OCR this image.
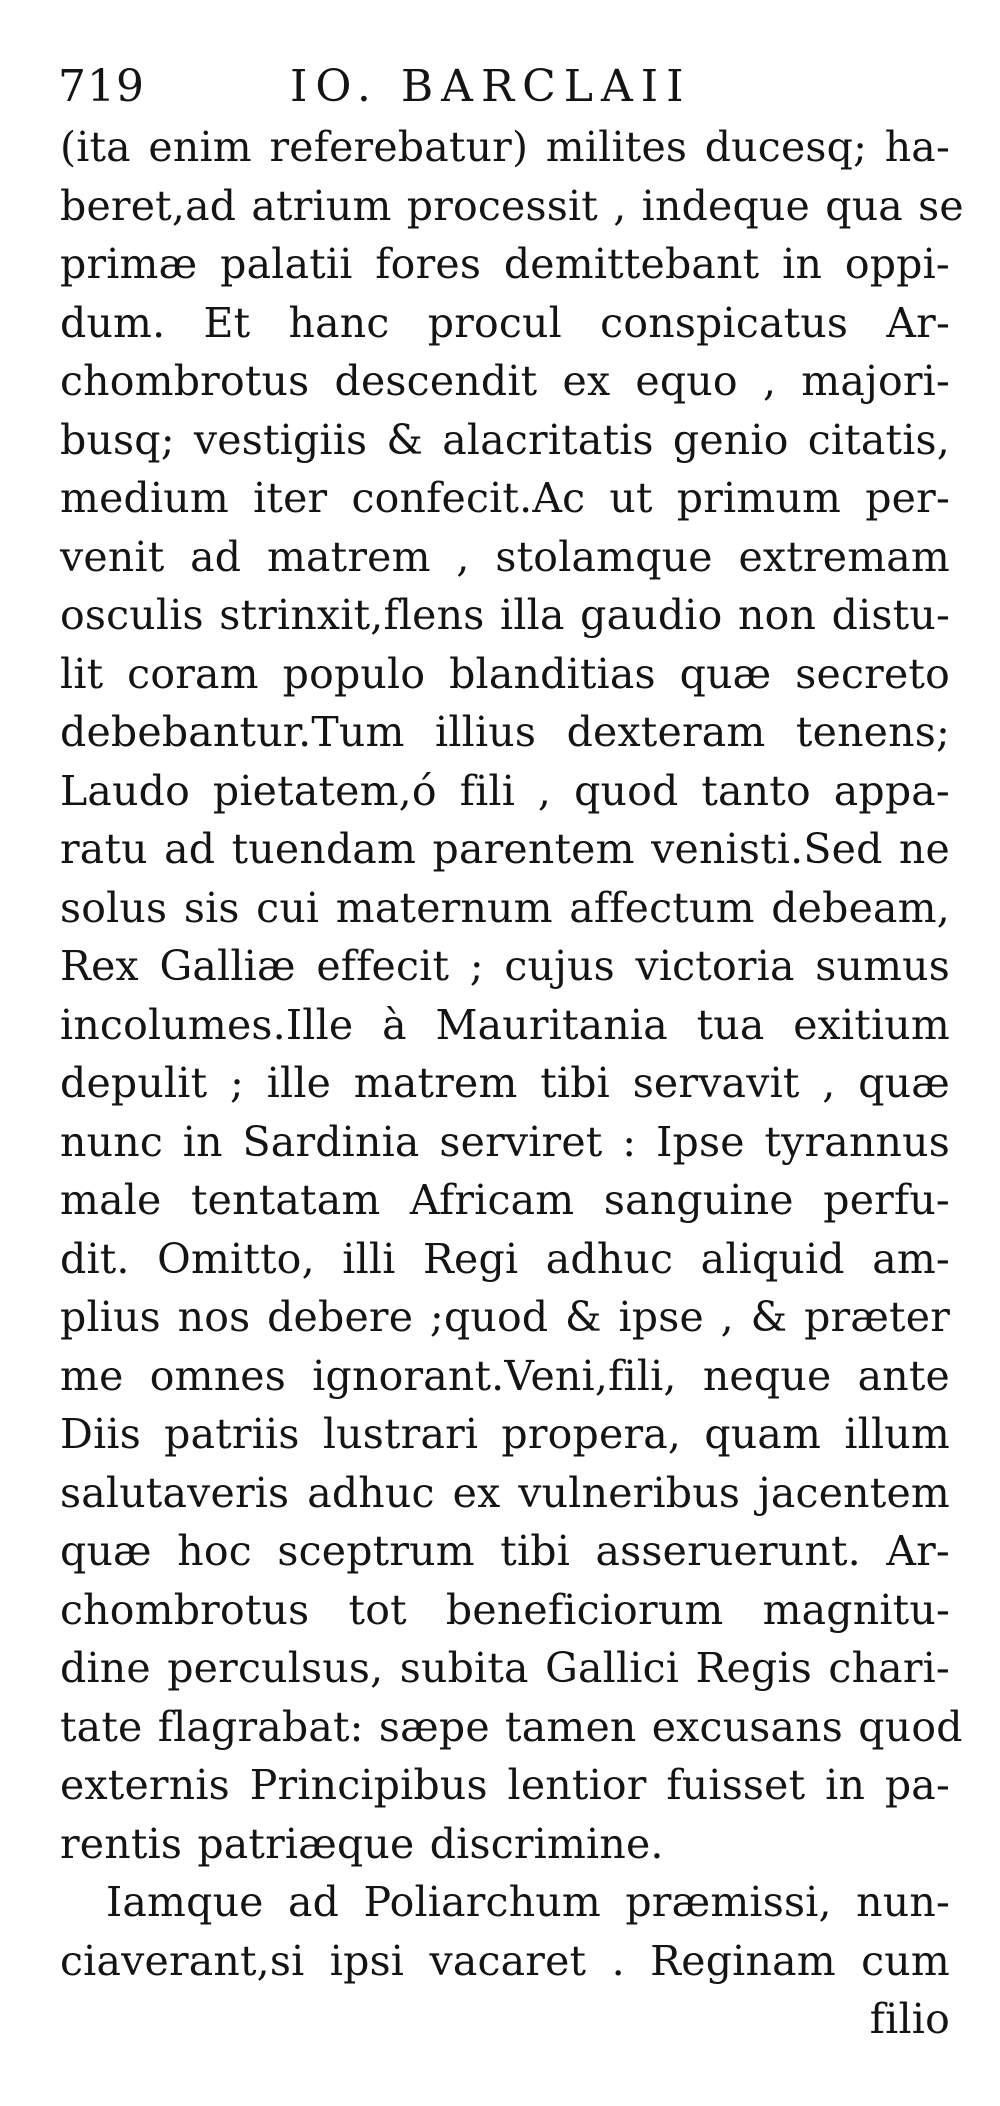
719	IO. BARCLAII
(ita enim referebatur) milites ducesq; ha-
beret,ad atrium processit , indeque qua se
primæ palatii fores demittebant in oppi-
dum. Et hanc procul conspicatus Ar-
chombrotus descendit ex equo , majori-
busq; vestigiis & alacritatis genio citatis,
medium iter confecit.Ac ut primum per-
venit ad matrem , stolamque extremam
osculis strinxit,flens illa gaudio non distu-
lit coram populo blanditias quæ secreto
debebantur.Tum illius dexteram tenens;
Laudo pietatem,ó fili , quod tanto appa-
ratu ad tuendam parentem venisti.Sed ne
solus sis cui maternum affectum debeam,
Rex Galliæ effecit ; cujus victoria sumus
incolumes.Ille à Mauritania tua exitium
depulit ; ille matrem tibi servavit , quæ
nunc in Sardinia serviret : Ipse tyrannus
male tentatam Africam sanguine perfu-
dit. Omitto, illi Regi adhuc aliquid am-
plius nos debere ;quod & ipse , & præter
me omnes ignorant.Veni,fili, neque ante
Diis patriis lustrari propera, quam illum
salutaveris adhuc ex vulneribus jacentem
quæ hoc sceptrum tibi asseruerunt. Ar-
chombrotus tot beneficiorum magnitu-
dine perculsus, subita Gallici Regis chari-
tate flagrabat: sæpe tamen excusans quod
externis Principibus lentior fuisset in pa-
rentis patriæque discrimine.
Iamque ad Poliarchum præmissi, nun-
ciaverant,si ipsi vacaret . Reginam cum
filio
